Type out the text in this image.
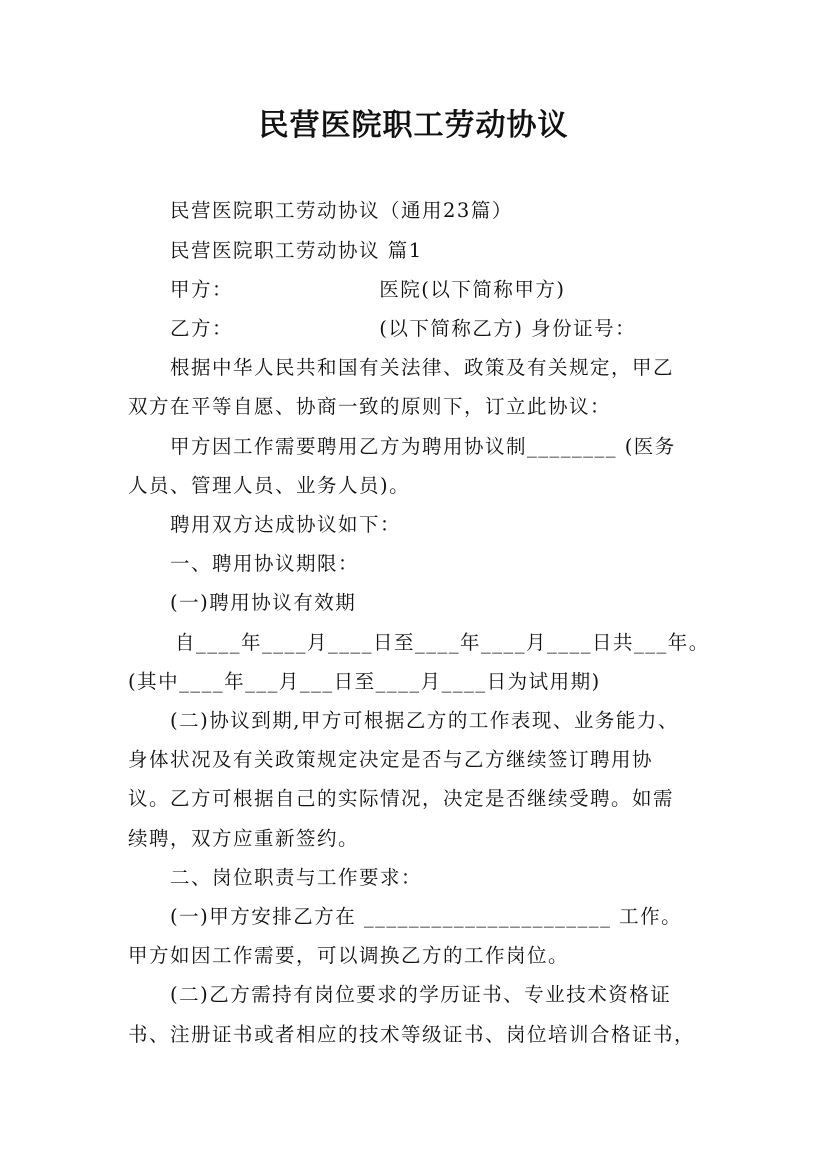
民营医院职工劳动协议
民营医院职工劳动协议（通用23篇）
民营医院职工劳动协议 篇1
甲方：                   医院(以下简称甲方)
乙方：                   (以下简称乙方) 身份证号：
根据中华人民共和国有关法律、政策及有关规定，甲乙
双方在平等自愿、协商一致的原则下，订立此协议：
甲方因工作需要聘用乙方为聘用协议制________ (医务
人员、管理人员、业务人员)。
聘用双方达成协议如下：
一、聘用协议期限：
(一)聘用协议有效期
自____年____月____日至____年____月____日共___年。
(其中____年___月___日至____月____日为试用期)
(二)协议到期,甲方可根据乙方的工作表现、业务能力、
身体状况及有关政策规定决定是否与乙方继续签订聘用协
议。乙方可根据自己的实际情况，决定是否继续受聘。如需
续聘，双方应重新签约。
二、岗位职责与工作要求：
(一)甲方安排乙方在 ______________________ 工作。
甲方如因工作需要，可以调换乙方的工作岗位。
(二)乙方需持有岗位要求的学历证书、专业技术资格证
书、注册证书或者相应的技术等级证书、岗位培训合格证书，
